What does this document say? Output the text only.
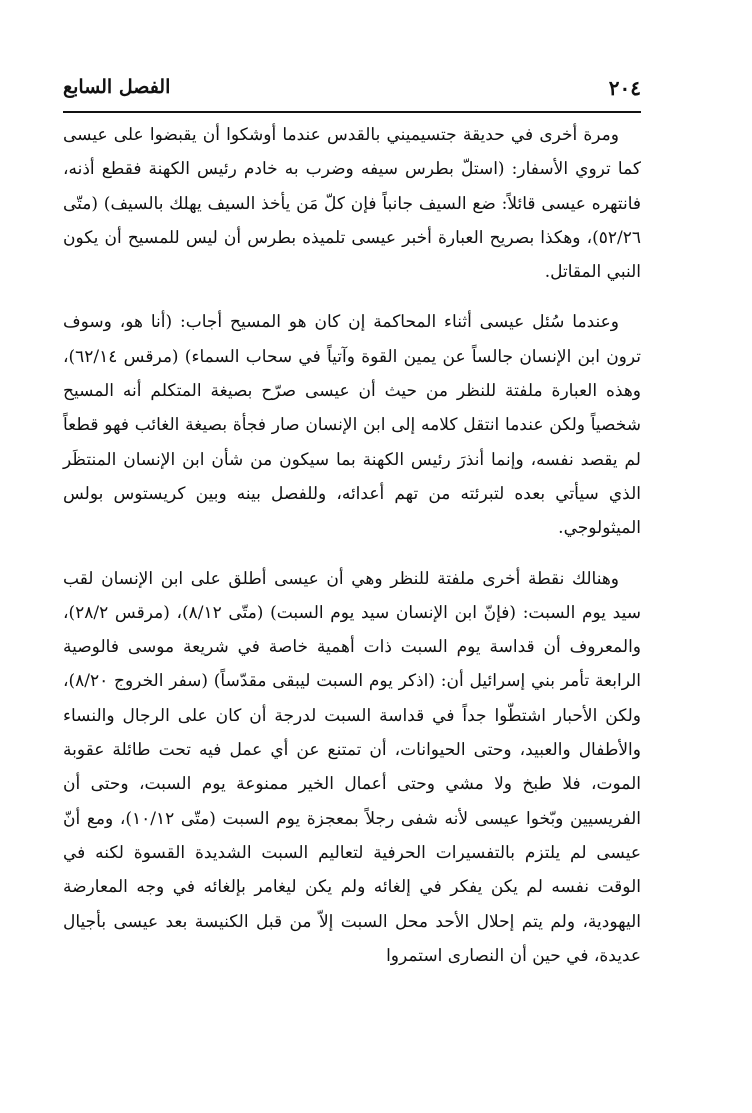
٢٠٤
الفصل السابع

ومرة أخرى في حديقة جتسيميني بالقدس عندما أوشكوا أن يقبضوا على عيسى كما تروي الأسفار: (استلّ بطرس سيفه وضرب به خادم رئيس الكهنة فقطع أذنه، فانتهره عيسى قائلاً: ضع السيف جانباً فإن كلّ مَن يأخذ السيف يهلك بالسيف) (متّى ٥٢/٢٦)، وهكذا بصريح العبارة أخبر عيسى تلميذه بطرس أن ليس للمسيح أن يكون النبي المقاتل.

وعندما سُئل عيسى أثناء المحاكمة إن كان هو المسيح أجاب: (أنا هو، وسوف ترون ابن الإنسان جالساً عن يمين القوة وآتياً في سحاب السماء) (مرقس ٦٢/١٤)، وهذه العبارة ملفتة للنظر من حيث أن عيسى صرّح بصيغة المتكلم أنه المسيح شخصياً ولكن عندما انتقل كلامه إلى ابن الإنسان صار فجأة بصيغة الغائب فهو قطعاً لم يقصد نفسه، وإنما أنذرَ رئيس الكهنة بما سيكون من شأن ابن الإنسان المنتظَر الذي سيأتي بعده لتبرئته من تهم أعدائه، وللفصل بينه وبين كريستوس بولس الميثولوجي.

وهنالك نقطة أخرى ملفتة للنظر وهي أن عيسى أطلق على ابن الإنسان لقب سيد يوم السبت: (فإنّ ابن الإنسان سيد يوم السبت) (متّى ٨/١٢)، (مرقس ٢٨/٢)، والمعروف أن قداسة يوم السبت ذات أهمية خاصة في شريعة موسى فالوصية الرابعة تأمر بني إسرائيل أن: (اذكر يوم السبت ليبقى مقدّساً) (سفر الخروج ٨/٢٠)، ولكن الأحبار اشتطّوا جداً في قداسة السبت لدرجة أن كان على الرجال والنساء والأطفال والعبيد، وحتى الحيوانات، أن تمتنع عن أي عمل فيه تحت طائلة عقوبة الموت، فلا طبخ ولا مشي وحتى أعمال الخير ممنوعة يوم السبت، وحتى أن الفريسيين وبّخوا عيسى لأنه شفى رجلاً بمعجزة يوم السبت (متّى ١٠/١٢)، ومع أنّ عيسى لم يلتزم بالتفسيرات الحرفية لتعاليم السبت الشديدة القسوة لكنه في الوقت نفسه لم يكن يفكر في إلغائه ولم يكن ليغامر بإلغائه في وجه المعارضة اليهودية، ولم يتم إحلال الأحد محل السبت إلاّ من قبل الكنيسة بعد عيسى بأجيال عديدة، في حين أن النصارى استمروا
